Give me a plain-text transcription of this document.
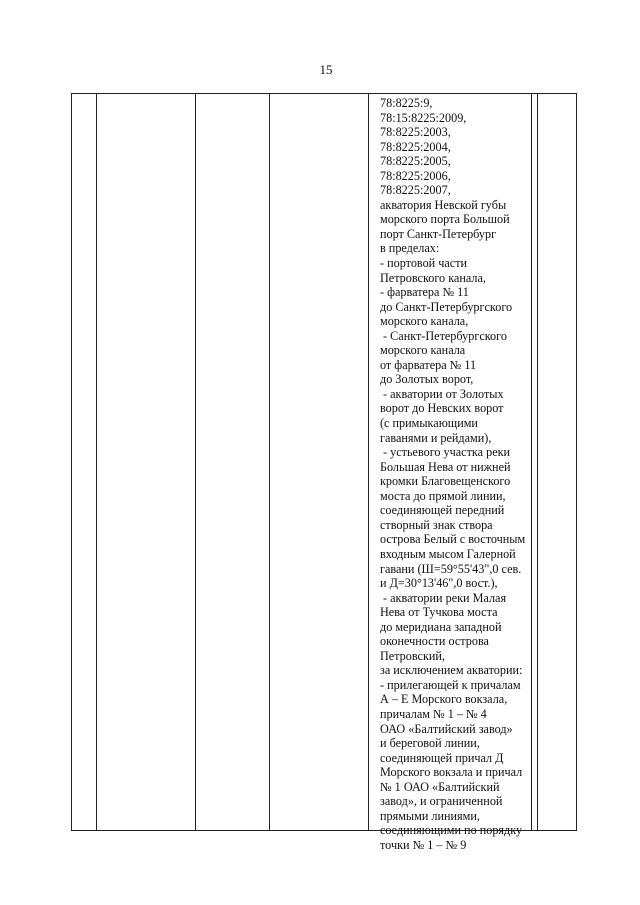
15
78:8225:9,
78:15:8225:2009,
78:8225:2003,
78:8225:2004,
78:8225:2005,
78:8225:2006,
78:8225:2007,
акватория Невской губы
морского порта Большой
порт Санкт-Петербург
в пределах:
- портовой части
Петровского канала,
- фарватера № 11
до Санкт-Петербургского
морского канала,
- Санкт-Петербургского
морского канала
от фарватера № 11
до Золотых ворот,
- акватории от Золотых
ворот до Невских ворот
(с примыкающими
гаванями и рейдами),
- устьевого участка реки
Большая Нева от нижней
кромки Благовещенского
моста до прямой линии,
соединяющей передний
створный знак створа
острова Белый с восточным
входным мысом Галерной
гавани (Ш=59°55'43",0 сев.
и Д=30°13'46",0 вост.),
- акватории реки Малая
Нева от Тучкова моста
до меридиана западной
оконечности острова
Петровский,
за исключением акватории:
- прилегающей к причалам
А – Е Морского вокзала,
причалам № 1 – № 4
ОАО «Балтийский завод»
и береговой линии,
соединяющей причал Д
Морского вокзала и причал
№ 1 ОАО «Балтийский
завод», и ограниченной
прямыми линиями,
соединяющими по порядку
точки № 1 – № 9
